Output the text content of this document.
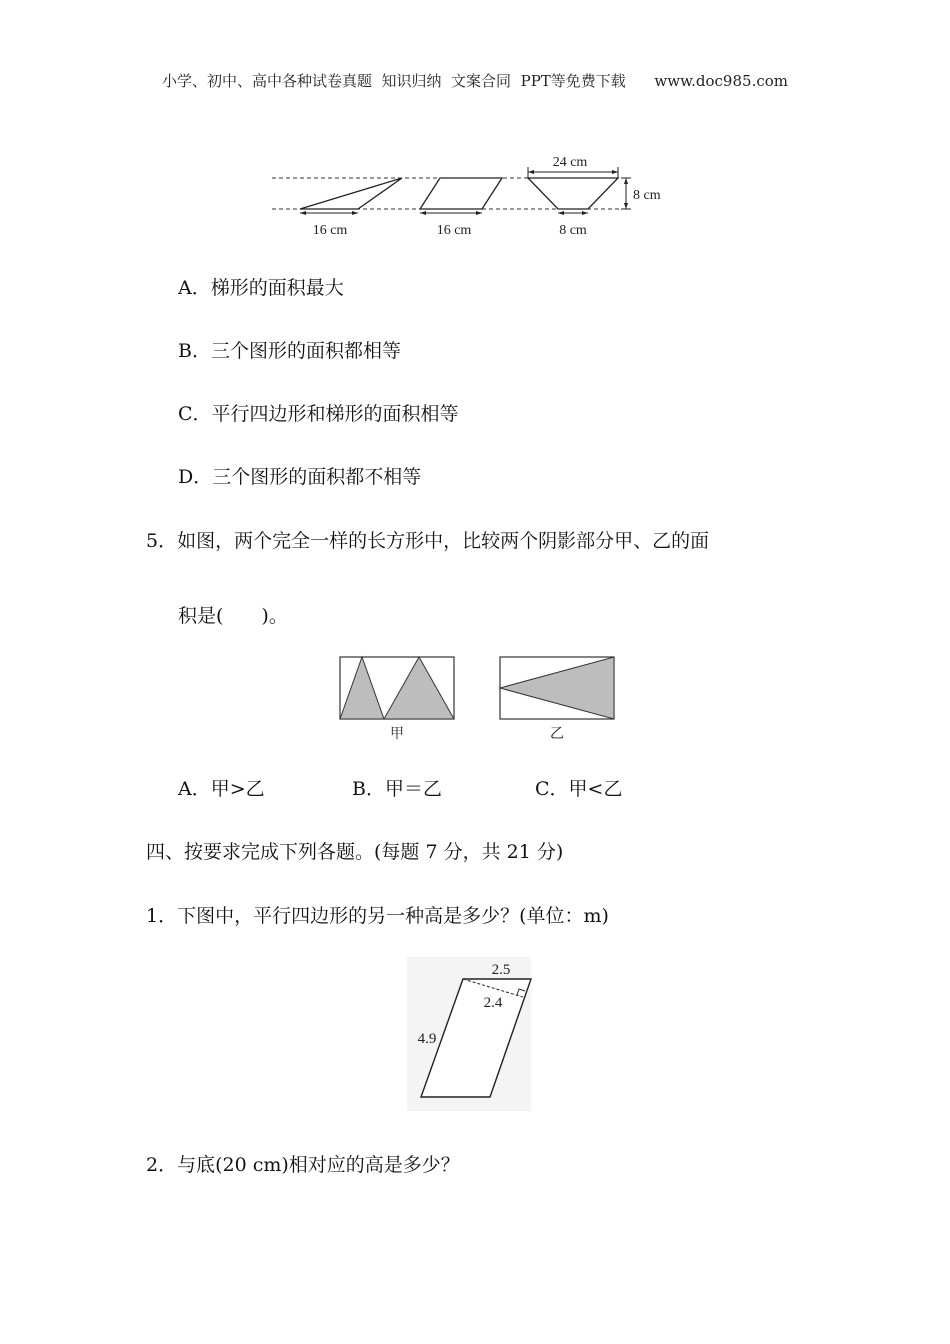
小学、初中、高中各种试卷真题  知识归纳  文案合同  PPT等免费下载      www.doc985.com
24 cm
8 cm
16 cm	16 cm	8 cm
A．梯形的面积最大
B．三个图形的面积都相等
C．平行四边形和梯形的面积相等
D．三个图形的面积都不相等
5．如图，两个完全一样的长方形中，比较两个阴影部分甲、乙的面
积是(　　)。
甲	乙
A．甲>乙	B．甲＝乙	C．甲<乙
四、按要求完成下列各题。(每题 7 分，共 21 分)
1．下图中，平行四边形的另一种高是多少？(单位：m)
2.5
2.4
4.9
2．与底(20 cm)相对应的高是多少？
